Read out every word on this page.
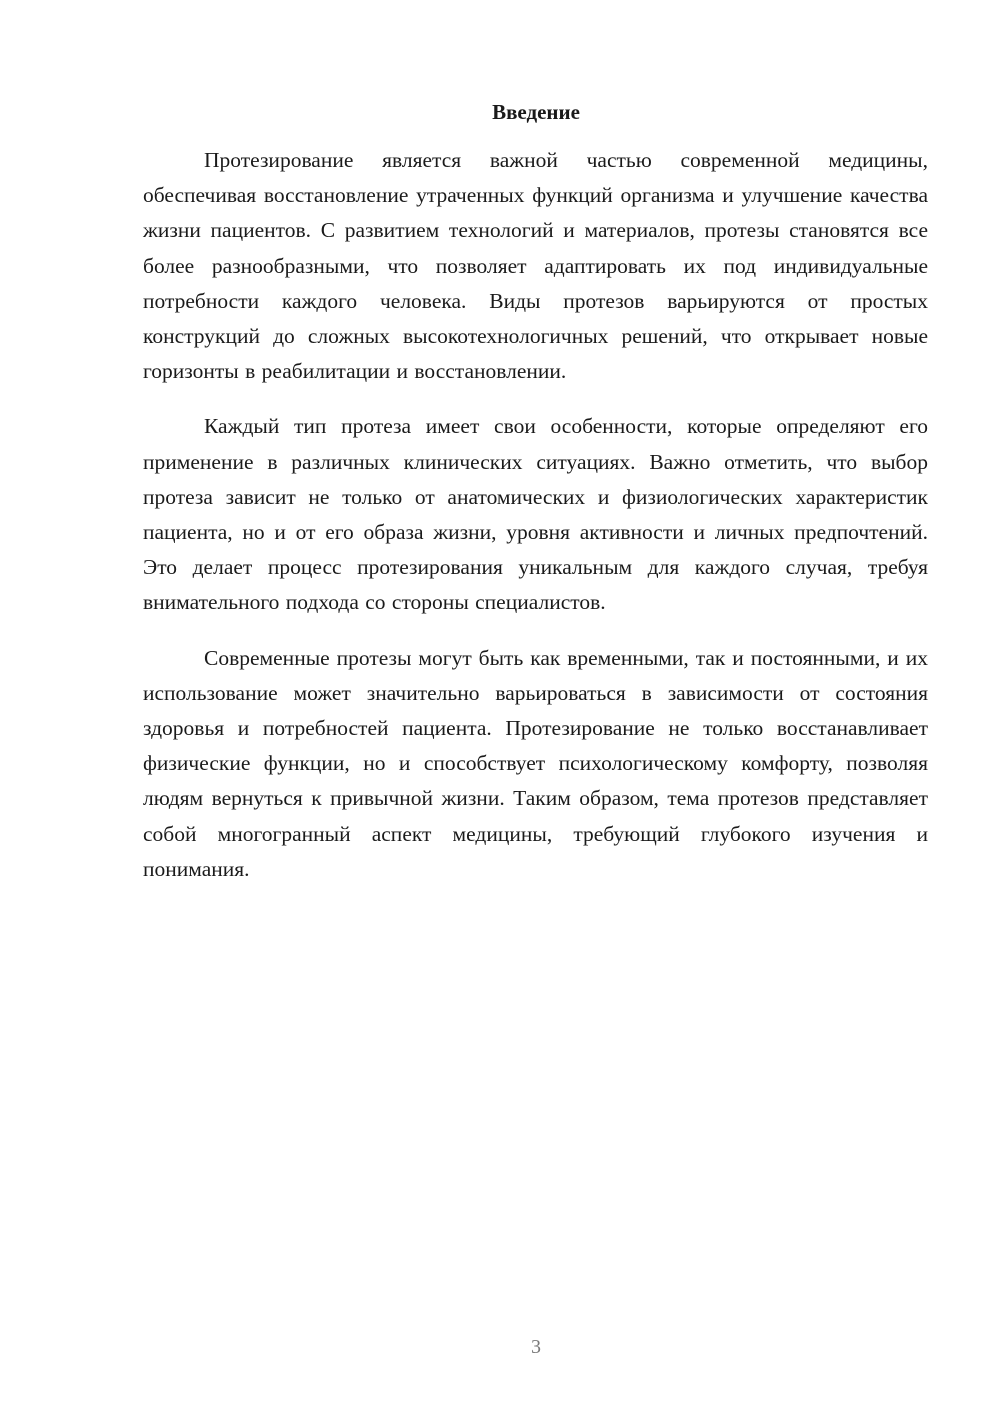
Введение

Протезирование является важной частью современной медицины, обеспечивая восстановление утраченных функций организма и улучшение качества жизни пациентов. С развитием технологий и материалов, протезы становятся все более разнообразными, что позволяет адаптировать их под индивидуальные потребности каждого человека. Виды протезов варьируются от простых конструкций до сложных высокотехнологичных решений, что открывает новые горизонты в реабилитации и восстановлении.

Каждый тип протеза имеет свои особенности, которые определяют его применение в различных клинических ситуациях. Важно отметить, что выбор протеза зависит не только от анатомических и физиологических характеристик пациента, но и от его образа жизни, уровня активности и личных предпочтений. Это делает процесс протезирования уникальным для каждого случая, требуя внимательного подхода со стороны специалистов.

Современные протезы могут быть как временными, так и постоянными, и их использование может значительно варьироваться в зависимости от состояния здоровья и потребностей пациента. Протезирование не только восстанавливает физические функции, но и способствует психологическому комфорту, позволяя людям вернуться к привычной жизни. Таким образом, тема протезов представляет собой многогранный аспект медицины, требующий глубокого изучения и понимания.

3
